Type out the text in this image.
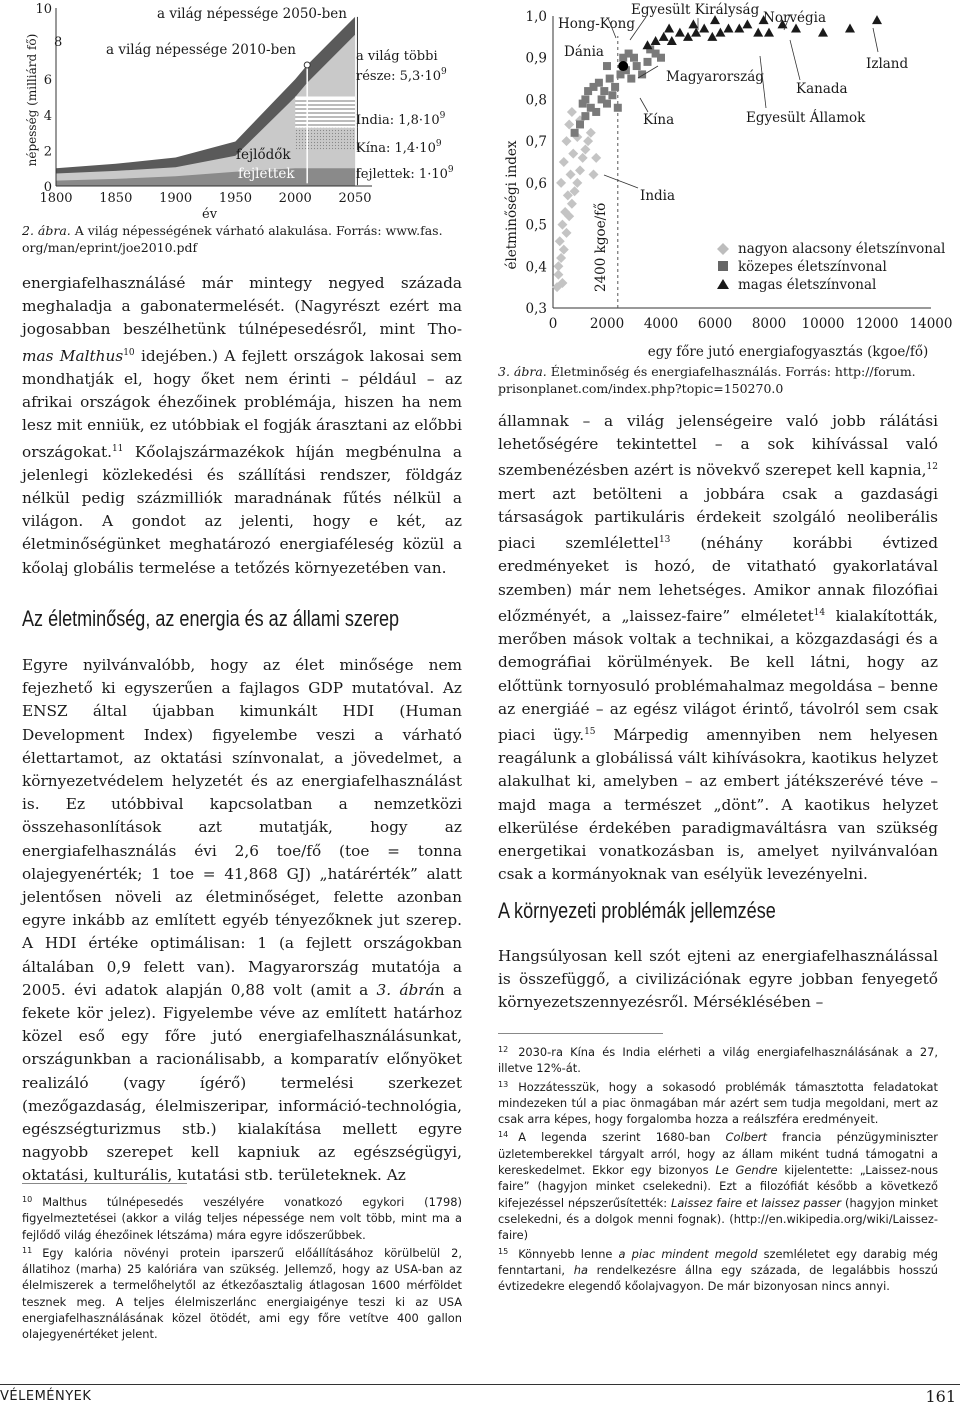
népesség (milliárd fő)
0
2
4
6
10
1800 1850 1900 1950 2000 2050
8	a világ népessége 2010-ben
a világ népessége 2050-ben
a világ többi
része: $5,3\cdot 10^9$
India: $1,8\cdot 10^9$
Kína: $1,4\cdot 10^9$
fejlettek: $1\cdot 10^9$
fejlődők
fejlettek
év

2. ábra. A világ népességének várható alakulása. Forrás: www.fas.
org/man/eprint/joe2010.pdf

energiafelhasználásé már mintegy negyed százada meghaladja a gabonatermelését. (Nagyrészt ezért ma jogosabban beszélhetünk túlnépesedésről, mint Tho- mas Malthus$^{10}$ idejében.) A fejlett országok lakosai sem mondhatják el, hogy őket nem érinti – például – az afrikai országok éhezőinek problémája, hiszen ha nem lesz mit enniük, ez utóbbiak el fogják árasztani az előbbi országokat.$^{11}$ Kőolajszármazékok híján megbénulna a jelenlegi közlekedési és szállítási rendszer, földgáz nélkül pedig százmilliók maradnának fűtés nélkül a világon. A gondot az jelenti, hogy e két, az életminőségünket meghatározó energiaféleség közül a kőolaj globális termelése a tetőzés környezetében van.

Az életminőség, az energia és az állami szerep

Egyre nyilvánvalóbb, hogy az élet minősége nem fejezhető ki egyszerűen a fajlagos GDP mutatóval. Az ENSZ által újabban kimunkált HDI (Human Development Index) figyelembe veszi a várható élettartamot, az oktatási színvonalat, a jövedelmet, a környezetvédelem helyzetét és az energiafelhasználást is. Ez utóbbival kapcsolatban a nemzetközi összehasonlítások azt mutatják, hogy az energiafelhasználás évi 2,6 toe/fő (toe = tonna olajegyenérték; 1 toe = 41,868 GJ) „határérték” alatt jelentősen növeli az életminőséget, felette azonban egyre inkább az említett egyéb tényezőknek jut szerep. A HDI értéke optimálisan: 1 (a fejlett országokban általában 0,9 felett van). Magyarország mutatója a 2005. évi adatok alapján 0,88 volt (amit a 3. ábrán a fekete kör jelez). Figyelembe véve az említett határhoz közel eső egy főre jutó energiafelhasználásunkat, országunkban a racionálisabb, a komparatív előnyöket realizáló (vagy ígérő) termelési szerkezet (mezőgazdaság, élelmiszeripar, információ-technológia, egészségturizmus stb.) kialakítása mellett egyre nagyobb szerepet kell kapniuk az egészségügyi, oktatási, kulturális, kutatási stb. területeknek. Az

$^{10}$ Malthus túlnépesedés veszélyére vonatkozó egykori (1798) figyelmeztetései (akkor a világ teljes népessége nem volt több, mint ma a fejlődő világ éhezőinek létszáma) mára egyre időszerűbbek.

$^{11}$ Egy kalória növényi protein iparszerű előállításához körülbelül 2, állatihoz (marha) 25 kalóriára van szükség. Jellemző, hogy az USA-ban az élelmiszerek a termelőhelytől az étkezőasztalig átlagosan 1600 mérföldet tesznek meg. A teljes élelmiszerlánc energiaigénye teszi ki az USA energiafelhasználásának közel ötödét, ami egy főre vetítve 400 gallon olajegyenértéket jelent.

életminőségi index
0,3
0,4
0,5
0,6
0,7
0,8
0,9
1,0
0 2000 4000 6000 8000 10000 12000 14000
Hong-Kong
Egyesült Királyság Norvégia
Dánia
Izland
Kanada
Magyarország
Egyesült Államok
Kína
India
2400 kgoe/fő
egy főre jutó energiafogyasztás (kgoe/fő)
nagyon alacsony életszínvonal
közepes életszínvonal
magas életszínvonal

3. ábra. Életminőség és energiafelhasználás. Forrás: http://forum.
prisonplanet.com/index.php?topic=150270.0

államnak – a világ jelenségeire való jobb rálátási lehetőségére tekintettel – a sok kihívással való szembenézésben azért is növekvő szerepet kell kapnia,$^{12}$ mert azt betölteni a jobbára csak a gazdasági társaságok partikuláris érdekeit szolgáló neoliberális piaci szemlélettel$^{13}$ (néhány korábbi évtized eredményeket is hozó, de vitatható gyakorlatával szemben) már nem lehetséges. Amikor annak filozófiai előzményét, a „laissez-faire” elméletet$^{14}$ kialakították, merőben mások voltak a technikai, a közgazdasági és a demográfiai körülmények. Be kell látni, hogy az előttünk tornyosuló problémahalmaz megoldása – benne az energiáé – az egész világot érintő, távolról sem csak piaci ügy.$^{15}$ Márpedig amennyiben nem helyesen reagálunk a globálissá vált kihívásokra, kaotikus helyzet alakulhat ki, amelyben – az embert játékszerévé téve – majd maga a természet „dönt”. A kaotikus helyzet elkerülése érdekében paradigmaváltásra van szükség energetikai vonatkozásban is, amelyet nyilvánvalóan csak a kormányoknak van esélyük levezényelni.

A környezeti problémák jellemzése

Hangsúlyosan kell szót ejteni az energiafelhasználással is összefüggő, a civilizációnak egyre jobban fenyegető környezetszennyezésről. Mérséklésében –

$^{12}$ 2030-ra Kína és India elérheti a világ energiafelhasználásának a 27, illetve 12%-át.

$^{13}$ Hozzátesszük, hogy a sokasodó problémák támasztotta feladatokat mindezeken túl a piac önmagában már azért sem tudja megoldani, mert az csak arra képes, hogy forgalomba hozza a reálszféra eredményeit.

$^{14}$ A legenda szerint 1680-ban Colbert francia pénzügyminiszter üzletemberekkel tárgyalt arról, hogy az állam miként tudná támogatni a kereskedelmet. Ekkor egy bizonyos Le Gendre kijelentette: „Laissez-nous faire” (hagyjon minket cselekedni). Ezt a filozófiát később a következő kifejezéssel népszerűsítették: Laissez faire et laissez passer (hagyjon minket cselekedni, és a dolgok menni fognak). (http://en.wikipedia.org/wiki/Laissez-faire)

$^{15}$ Könnyebb lenne a piac mindent megold szemléletet egy darabig még fenntartani, ha rendelkezésre állna egy százada, de legalábbis hosszú évtizedekre elegendő kőolajvagyon. De már bizonyosan nincs annyi.

VÉLEMÉNYEK	161
